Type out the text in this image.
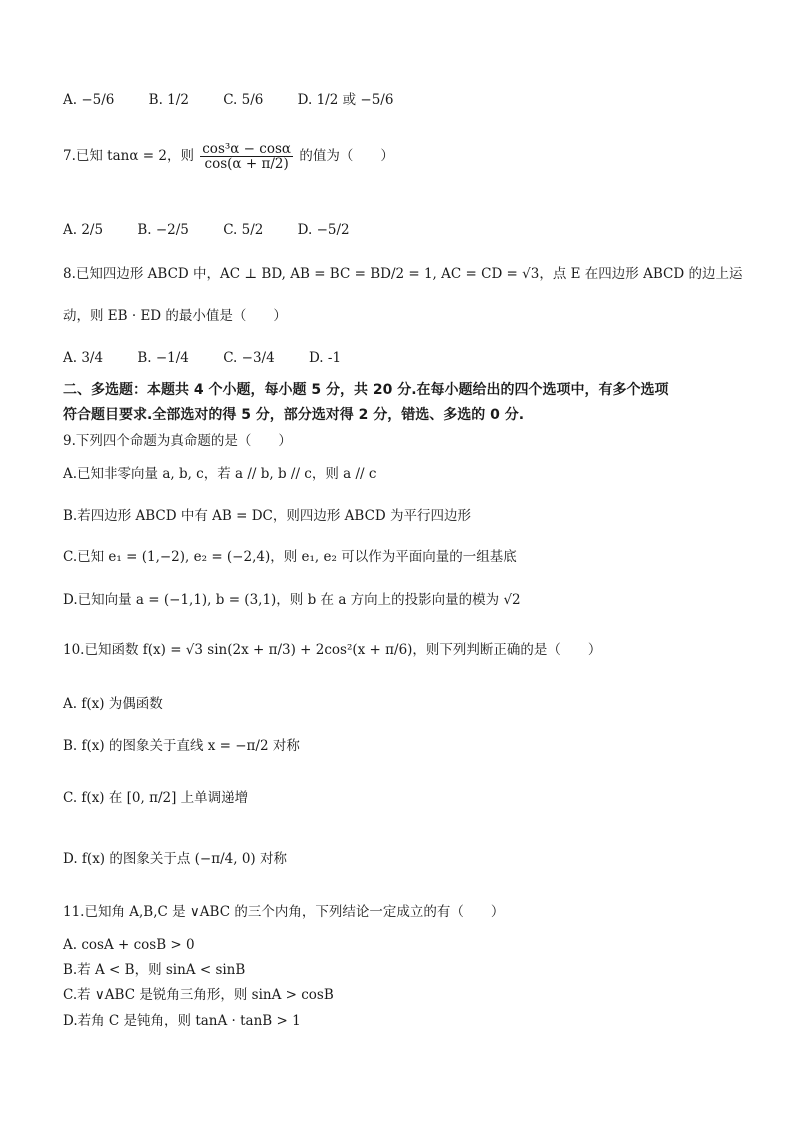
A. −5/6	B. 1/2	C. 5/6	D. 1/2 或 −5/6
7.已知 tanα = 2，则 $\frac{\text{cos³α − cosα}}{\cos(\alpha + \pi/2)}$ 的值为（　　）
A. 2/5	B. −2/5	C. 5/2	D. −5/2
8.已知四边形 ABCD 中，AC ⊥ BD, AB = BC = BD/2 = 1, AC = CD = √3，点 E 在四边形 ABCD 的边上运
动，则 EB · ED 的最小值是（　　）
A. 3/4	B. −1/4	C. −3/4	D. -1
二、多选题：本题共 4 个小题，每小题 5 分，共 20 分.在每小题给出的四个选项中，有多个选项
符合题目要求.全部选对的得 5 分，部分选对得 2 分，错选、多选的 0 分.
9.下列四个命题为真命题的是（　　）
A.已知非零向量 a, b, c，若 a // b, b // c，则 a // c
B.若四边形 ABCD 中有 AB = DC，则四边形 ABCD 为平行四边形
C.已知 e₁ = (1,−2), e₂ = (−2,4)，则 e₁, e₂ 可以作为平面向量的一组基底
D.已知向量 a = (−1,1), b = (3,1)，则 b 在 a 方向上的投影向量的模为 √2
10.已知函数 f(x) = √3 sin(2x + π/3) + 2cos²(x + π/6)，则下列判断正确的是（　　）
A. f(x) 为偶函数
B. f(x) 的图象关于直线 x = −π/2 对称
C. f(x) 在 [0, π/2] 上单调递增
D. f(x) 的图象关于点 (−π/4, 0) 对称
11.已知角 A,B,C 是 ∨ABC 的三个内角，下列结论一定成立的有（　　）
A. cosA + cosB > 0
B.若 A < B，则 sinA < sinB
C.若 ∨ABC 是锐角三角形，则 sinA > cosB
D.若角 C 是钝角，则 tanA · tanB > 1
